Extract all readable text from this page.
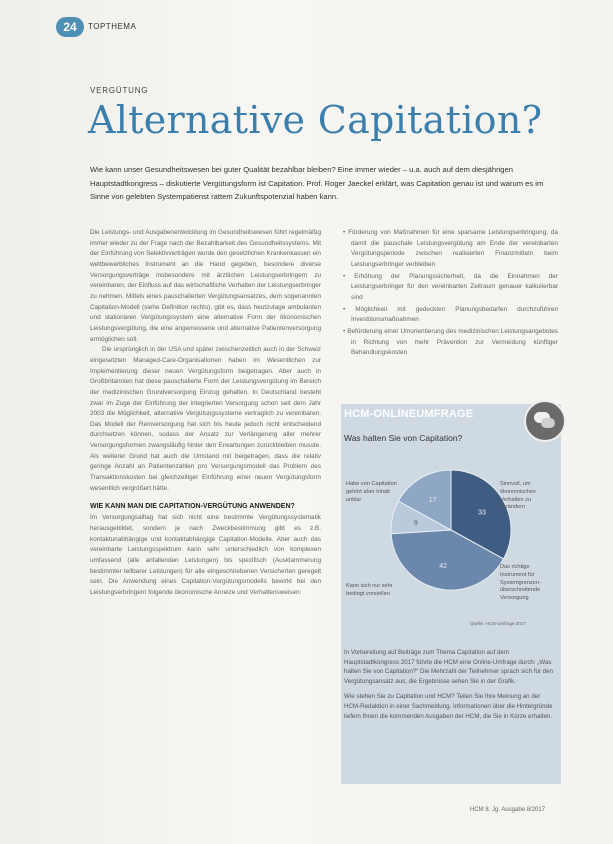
24	TOPTHEMA
VERGÜTUNG
Alternative Capitation?
Wie kann unser Gesundheitswesen bei guter Qualität bezahlbar bleiben? Eine immer wieder – u.a. auch auf dem diesjährigen Hauptstadtkongress – diskutierte Vergütungsform ist Capitation. Prof. Roger Jaeckel erklärt, was Capitation genau ist und warum es im Sinne von gelebten Systempatienst rattem Zukunftspotenzial haben kann.

Die Leistungs- und Ausgabenentwicklung im Gesundheitswesen führt regelmäßig immer wieder zu der Frage nach der Bezahlbarkeit des Gesundheitssystems. Mit der Einführung von Selektivverträgen wurde den gesetzlichen Krankenkassen ein wettbewerbliches Instrument an die Hand gegeben, besondere diverse Versorgungsverträge insbesondere mit ärztlichen Leistungserbringern zu vereinbaren, der Einfluss auf das wirtschaftliche Verhalten der Leistungserbringer zu nehmen. Mittels eines pauschalierten Vergütungsansatzes, dem sogenannten Capitation-Modell (siehe Definition rechts), gibt es, dass heutzutage ambulanten und stationären Vergütungssystem eine alternative Form der ökonomischen Leistungsvergütung, die eine angemessene und alternative Patientenversorgung ermöglichen soll.

Die ursprünglich in der USA und später zwischenzeitlich auch in der Schweiz eingesetzten Managed-Care-Organisationen haben im Wesentlichen zur Implementierung dieser neuen Vergütungsform beigetragen. Aber auch in Großbritannien hat diese pauschalierte Form der Leistungsvergütung im Bereich der medizinischen Grundversorgung Einzug gehalten. In Deutschland besteht zwar im Zuge der Einführung der integrierten Versorgung schon seit dem Jahr 2003 die Möglichkeit, alternative Vergütungssysteme vertraglich zu vereinbaren. Das Modell der Reinversorgung hat sich bis heute jedoch nicht entscheidend durchsetzen können, sodass der Ansatz zur Verlängerung aller mehrer Versorgungsformen zwangsläufig hinter den Erwartungen zurückbleiben musste. Als weiterer Grund hat auch die Umstand mit beigetragen, dass die relativ geringe Anzahl an Patientenzahlen pro Versorgungsmodell das Problem des Transaktionskosten bei gleichzeitiger Einführung einer neuen Vergütungsform wesentlich vergrößert hätte.

WIE KANN MAN DIE CAPITATION-VERGÜTUNG ANWENDEN?

Im Versorgungsalltag hat sich nicht eine bestimmte Vergütungssystematik herausgebildet, sondern je nach Zweckbestimmung gibt es z.B. kontaktunabhängige und kontaktabhängige Capitation-Modelle. Aber auch das vereinbarte Leistungsspektrum kann sehr unterschiedlich von komplexen umfassend (alle anfallenden Leistungen) bis spezifisch (Ausklammerung bestimmter teilbarer Leistungen) für alle eingeschriebenen Versicherten geregelt sein. Die Anwendung eines Capitation-Vergütungsmodells bewirkt bei den Leistungserbringern folgende ökonomische Anreize und Verhaltensweisen:

• Förderung von Maßnahmen für eine sparsame Leistungserbringung, da damit die pauschale Leistungsvergütung am Ende der vereinbarten Vergütungsperiode zwischen realisierten Finanzmitteln beim Leistungserbringer verbleiben
• Erhöhung der Planungssicherheit, da die Einnahmen der Leistungserbringer für den vereinbarten Zeitraum genauer kalkulierbar sind
• Möglichkeit mit gedeckten Planungsbedarfen durchzuführen Investitionsmaßnahmen
• Befürderung einer Umorientierung des medizinischen Leistungsangebotes in Richtung von mehr Prävention zur Vermeidung künftiger Behandlungskosten
HCM-ONLINEUMFRAGE
Was halten Sie von Capitation?
33
42
9
17
Habe von Capitation gehört aber Inhalt unklar
Sinnvoll, um ökonomisches Verhalten zu verändern
Kann sich nur sehr bedingt vorstellen
Das richtige Instrument für Systemgrenzen-überschreitende Versorgung
Quelle: HCM-Umfrage 2017

In Vorbereitung auf Beiträge zum Thema Capitation auf dem Hauptstadtkongress 2017 führte die HCM eine Online-Umfrage durch: „Was halten Sie von Capitation?“ Die Mehrzahl der Teilnehmer sprach sich für den Vergütungsansatz aus, die Ergebnisse sehen Sie in der Grafik.

Wie stehen Sie zu Capitation und HCM? Teilen Sie Ihre Meinung an der HCM-Redaktion in einer Sachmeldung. Informationen über die Hintergründe liefern Ihnen die kommenden Ausgaben der HCM, die Sie in Kürze erhalten.

HCM 8. Jg. Ausgabe 8/2017
